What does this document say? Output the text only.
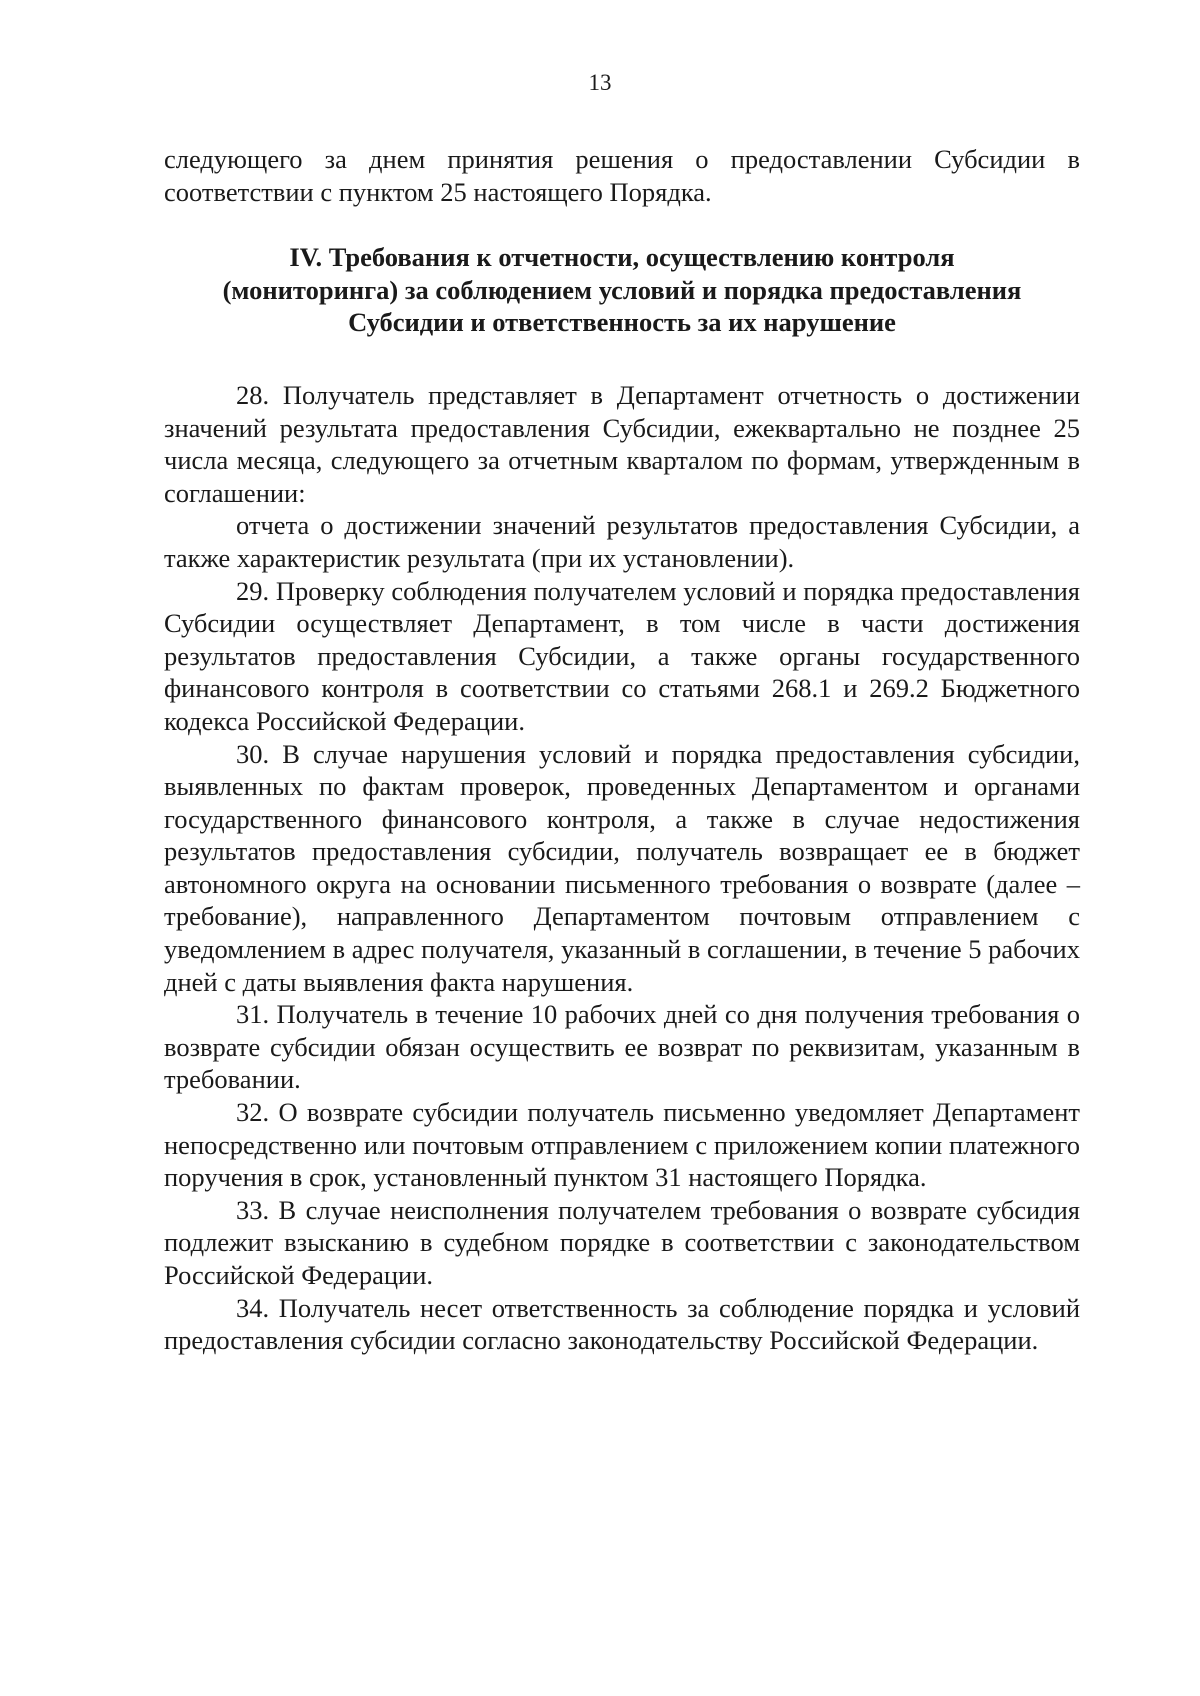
13

следующего за днем принятия решения о предоставлении Субсидии в соответствии с пунктом 25 настоящего Порядка.

IV. Требования к отчетности, осуществлению контроля
(мониторинга) за соблюдением условий и порядка предоставления
Субсидии и ответственность за их нарушение

28. Получатель представляет в Департамент отчетность о достижении значений результата предоставления Субсидии, ежеквартально не позднее 25 числа месяца, следующего за отчетным кварталом по формам, утвержденным в соглашении:

отчета о достижении значений результатов предоставления Субсидии, а также характеристик результата (при их установлении).

29. Проверку соблюдения получателем условий и порядка предоставления Субсидии осуществляет Департамент, в том числе в части достижения результатов предоставления Субсидии, а также органы государственного финансового контроля в соответствии со статьями 268.1 и 269.2 Бюджетного кодекса Российской Федерации.

30. В случае нарушения условий и порядка предоставления субсидии, выявленных по фактам проверок, проведенных Департаментом и органами государственного финансового контроля, а также в случае недостижения результатов предоставления субсидии, получатель возвращает ее в бюджет автономного округа на основании письменного требования о возврате (далее – требование), направленного Департаментом почтовым отправлением с уведомлением в адрес получателя, указанный в соглашении, в течение 5 рабочих дней с даты выявления факта нарушения.

31. Получатель в течение 10 рабочих дней со дня получения требования о возврате субсидии обязан осуществить ее возврат по реквизитам, указанным в требовании.

32. О возврате субсидии получатель письменно уведомляет Департамент непосредственно или почтовым отправлением с приложением копии платежного поручения в срок, установленный пунктом 31 настоящего Порядка.

33. В случае неисполнения получателем требования о возврате субсидия подлежит взысканию в судебном порядке в соответствии с законодательством Российской Федерации.

34. Получатель несет ответственность за соблюдение порядка и условий предоставления субсидии согласно законодательству Российской Федерации.
